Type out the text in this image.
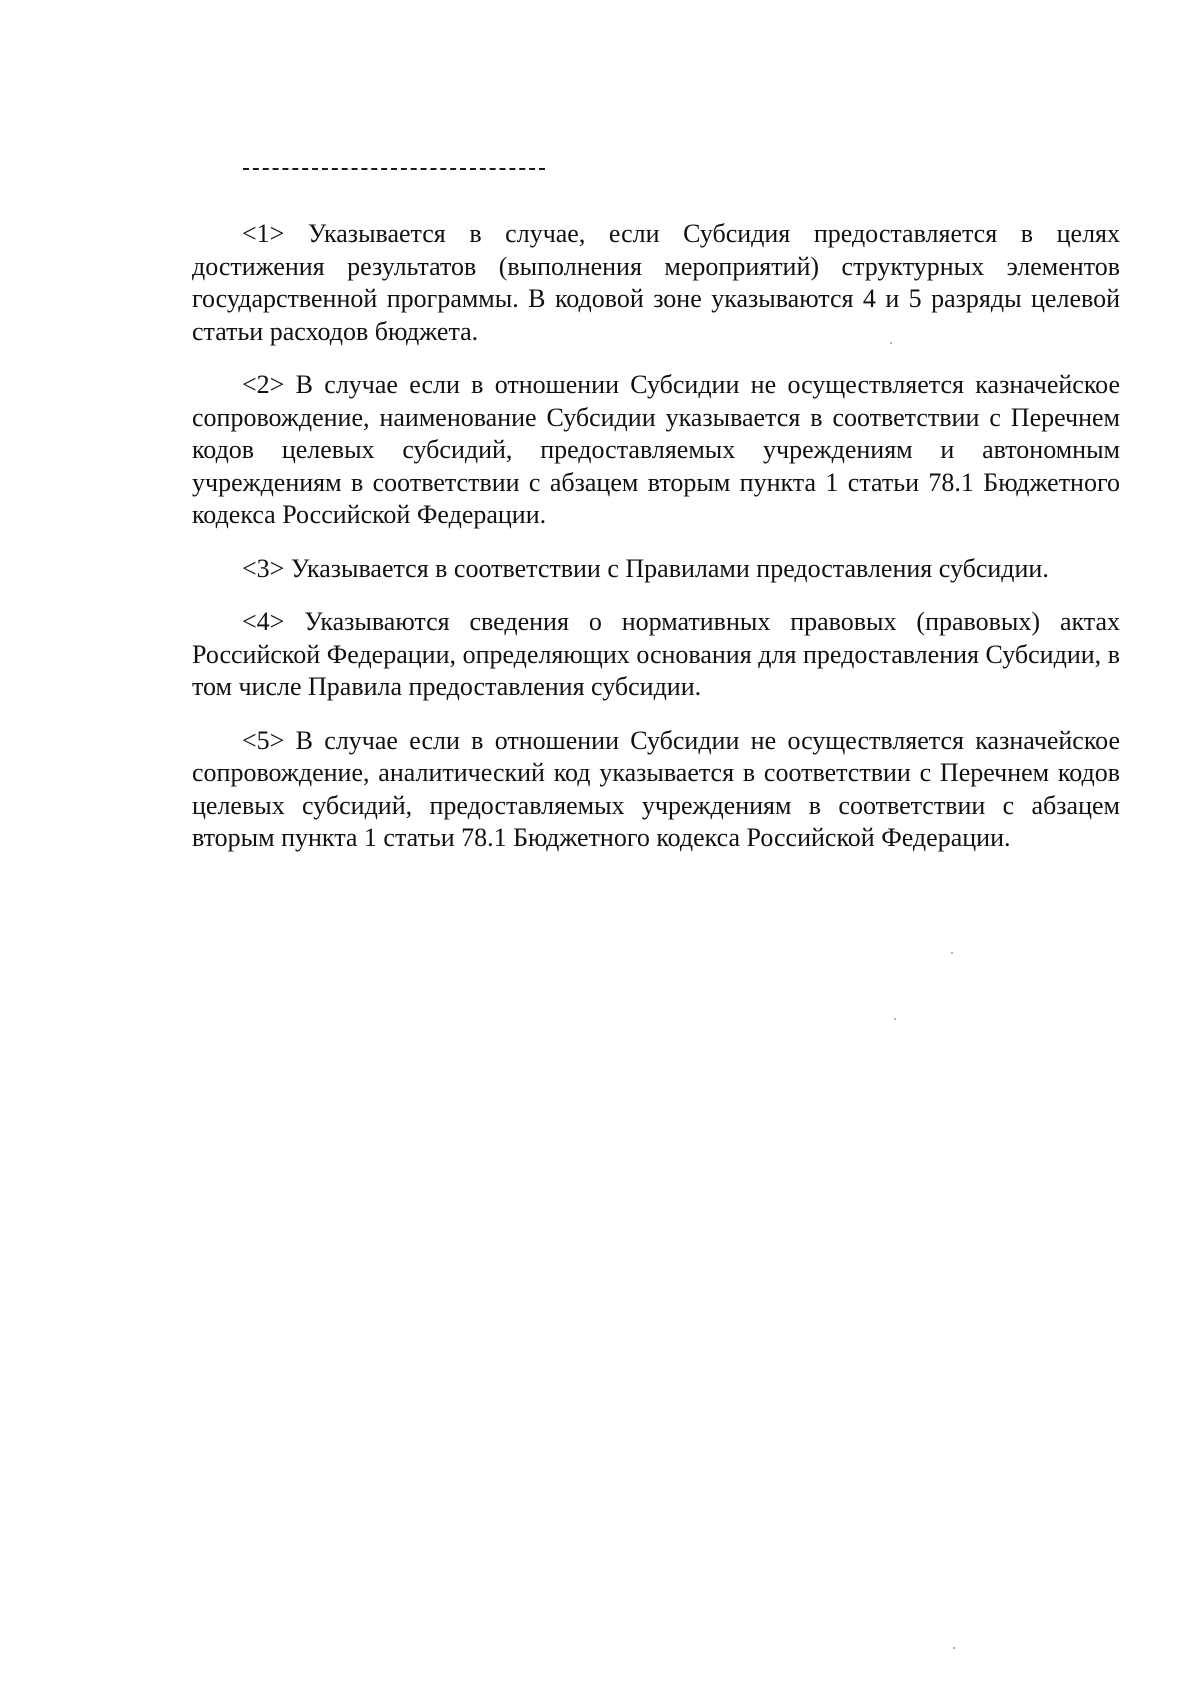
<1> Указывается в случае, если Субсидия предоставляется в целях достижения результатов (выполнения мероприятий) структурных элементов государственной программы. В кодовой зоне указываются 4 и 5 разряды целевой статьи расходов бюджета.

<2> В случае если в отношении Субсидии не осуществляется казначейское сопровождение, наименование Субсидии указывается в соответствии с Перечнем кодов целевых субсидий, предоставляемых учреждениям и автономным учреждениям в соответствии с абзацем вторым пункта 1 статьи 78.1 Бюджетного кодекса Российской Федерации.

<3> Указывается в соответствии с Правилами предоставления субсидии.

<4> Указываются сведения о нормативных правовых (правовых) актах Российской Федерации, определяющих основания для предоставления Субсидии, в том числе Правила предоставления субсидии.

<5> В случае если в отношении Субсидии не осуществляется казначейское сопровождение, аналитический код указывается в соответствии с Перечнем кодов целевых субсидий, предоставляемых учреждениям в соответствии с абзацем вторым пункта 1 статьи 78.1 Бюджетного кодекса Российской Федерации.
